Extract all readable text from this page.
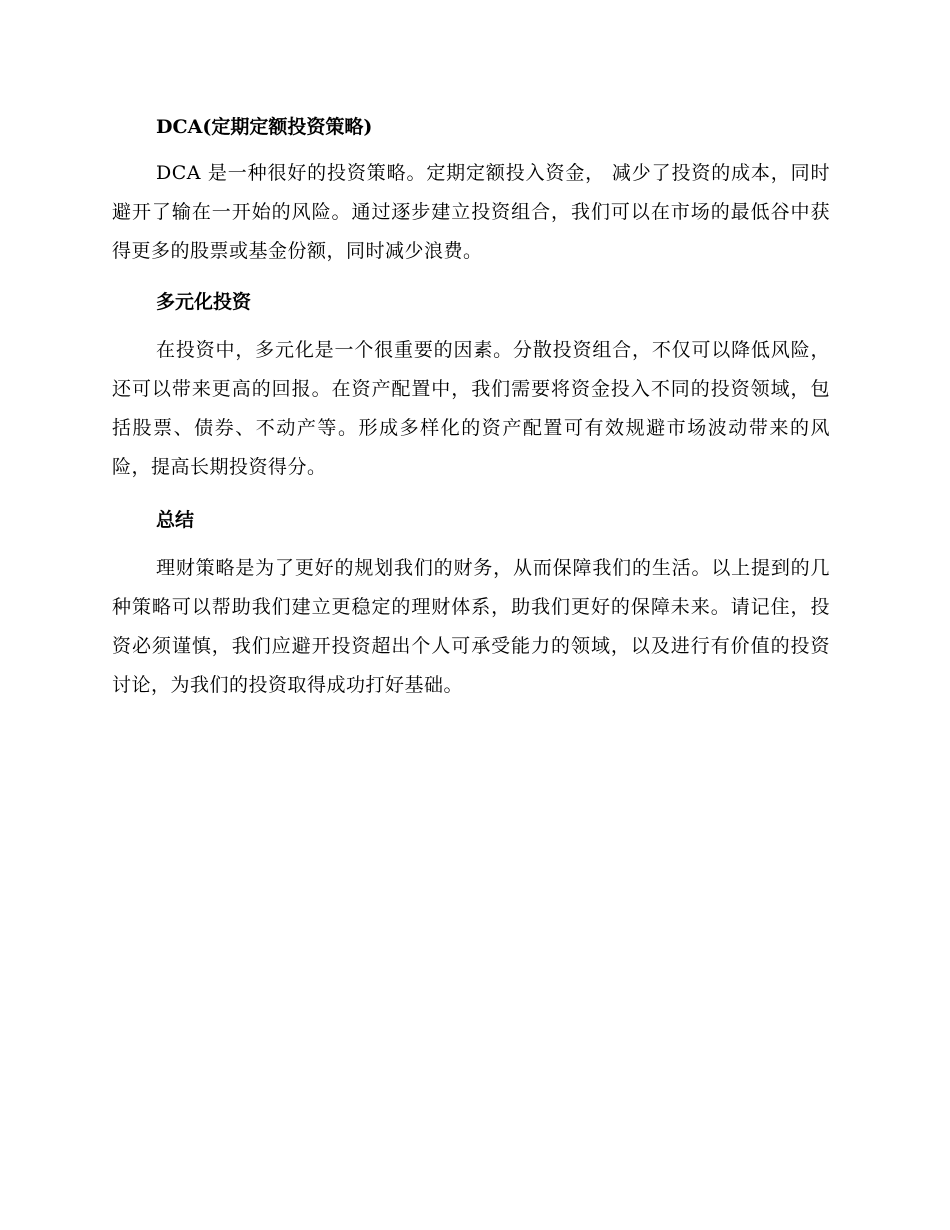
DCA(定期定额投资策略)

DCA 是一种很好的投资策略。定期定额投入资金， 减少了投资的成本，同时避开了输在一开始的风险。通过逐步建立投资组合，我们可以在市场的最低谷中获得更多的股票或基金份额，同时减少浪费。

多元化投资

在投资中，多元化是一个很重要的因素。分散投资组合，不仅可以降低风险，还可以带来更高的回报。在资产配置中，我们需要将资金投入不同的投资领域，包括股票、债券、不动产等。形成多样化的资产配置可有效规避市场波动带来的风险，提高长期投资得分。

总结

理财策略是为了更好的规划我们的财务，从而保障我们的生活。以上提到的几种策略可以帮助我们建立更稳定的理财体系，助我们更好的保障未来。请记住，投资必须谨慎，我们应避开投资超出个人可承受能力的领域，以及进行有价值的投资讨论，为我们的投资取得成功打好基础。
